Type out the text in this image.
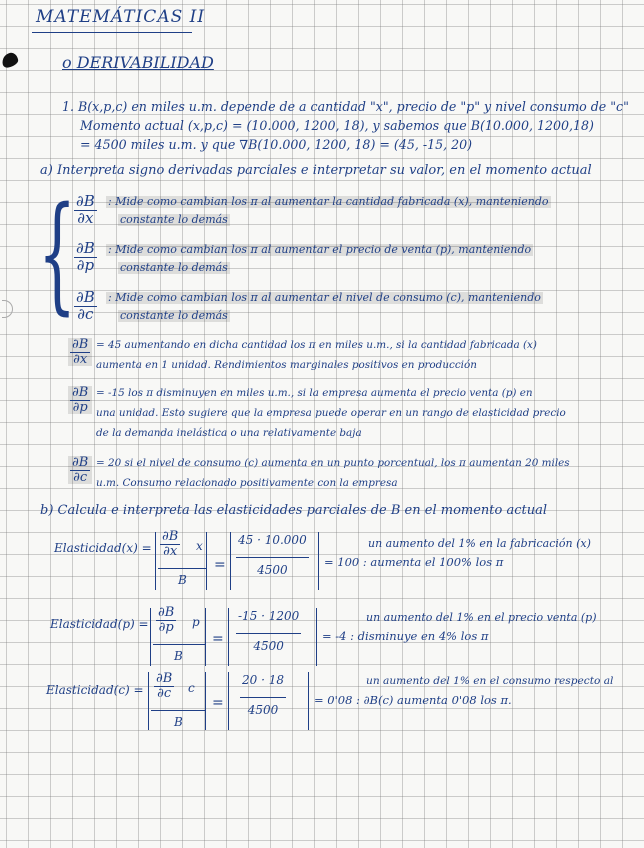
MATEMÁTICAS II
o DERIVABILIDAD
1. B(x,p,c) en miles u.m. depende de a cantidad "x", precio de "p" y nivel consumo de "c"
Momento actual (x,p,c) = (10.000, 1200, 18), y sabemos que B(10.000, 1200,18)
= 4500 miles u.m. y que ∇B(10.000, 1200, 18) = (45, -15, 20)
a) Interpreta signo derivadas parciales e interpretar su valor, en el momento actual
{ ∂B
∂x
: Mide como cambian los π al aumentar la cantidad fabricada (x), manteniendo
constante lo demás
∂B
∂p
: Mide como cambian los π al aumentar el precio de venta (p), manteniendo
constante lo demás
∂B
∂c
: Mide como cambian los π al aumentar el nivel de consumo (c), manteniendo
constante lo demás
∂B
∂x
= 45 aumentando en dicha cantidad los π en miles u.m., si la cantidad fabricada (x)
aumenta en 1 unidad. Rendimientos marginales positivos en producción
∂B
∂p
= -15 los π disminuyen en miles u.m., si la empresa aumenta el precio venta (p) en
una unidad. Esto sugiere que la empresa puede operar en un rango de elasticidad precio
de la demanda inelástica o una relativamente baja
∂B
∂c
= 20 si el nivel de consumo (c) aumenta en un punto porcentual, los π aumentan 20 miles
u.m. Consumo relacionado positivamente con la empresa
b) Calcula e interpreta las elasticidades parciales de B en el momento actual
Elasticidad(x) =
∂B
∂x x
B
=
45 · 10.000
4500
= 100 : aumenta el 100% los π
un aumento del 1% en la fabricación (x)
Elasticidad(p) =
∂B
∂p p
B
=
-15 · 1200
4500
= -4 : disminuye en 4% los π
un aumento del 1% en el precio venta (p)
Elasticidad(c) =
∂B
∂c c
B
=
20 · 18
4500
= 0'08 : ∂B(c) aumenta 0'08 los π.
un aumento del 1% en el consumo respecto al
